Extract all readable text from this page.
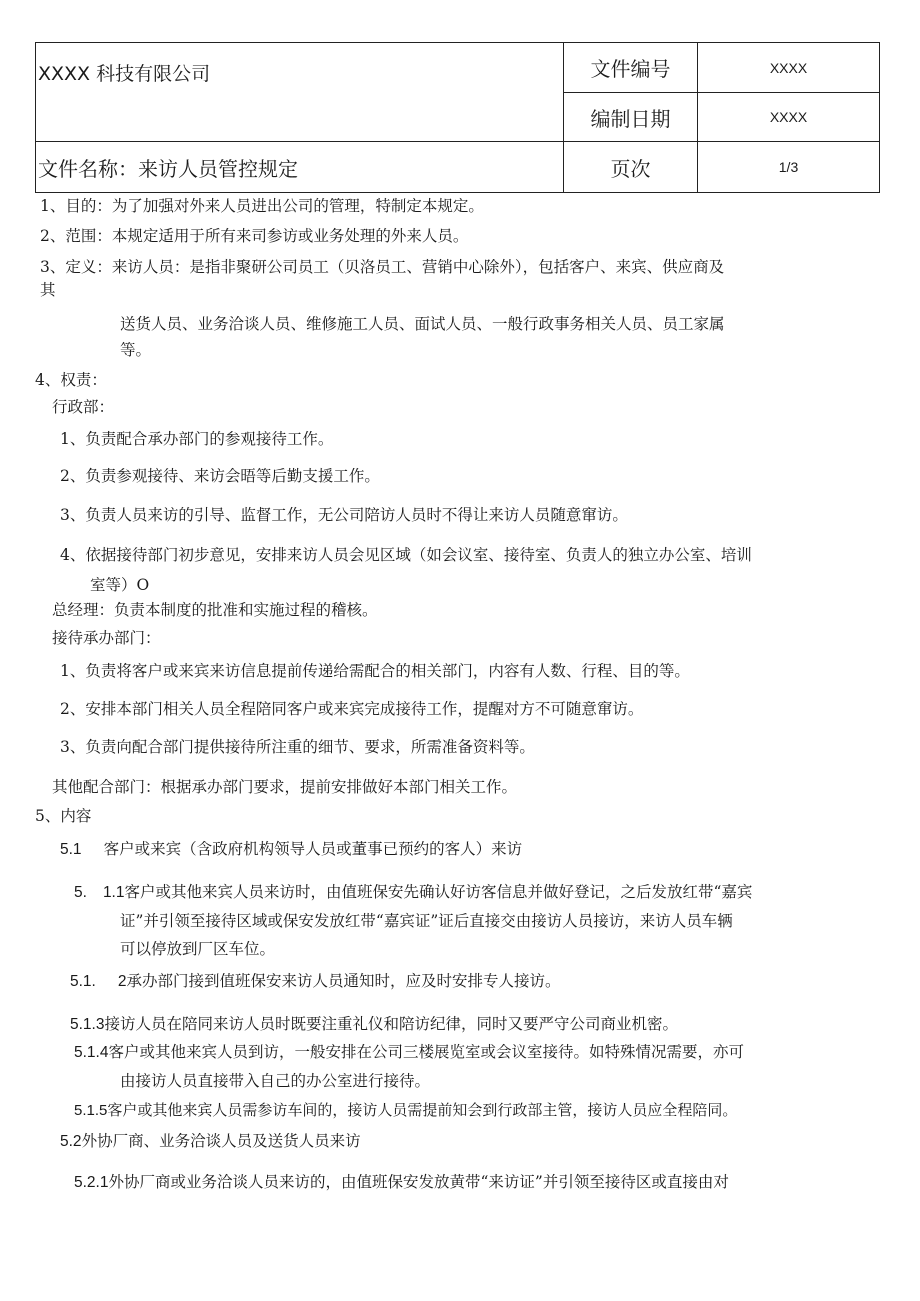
XXXX 科技有限公司	文件编号	XXXX
	编制日期	XXXX
文件名称：来访人员管控规定	页次	1/3
1、目的：为了加强对外来人员进出公司的管理，特制定本规定。
2、范围：本规定适用于所有来司参访或业务处理的外来人员。
3、定义：来访人员：是指非聚研公司员工（贝洛员工、营销中心除外），包括客户、来宾、供应商及
其
送货人员、业务洽谈人员、维修施工人员、面试人员、一般行政事务相关人员、员工家属
等。
4、权责：
行政部：
1、负责配合承办部门的参观接待工作。
2、负责参观接待、来访会晤等后勤支援工作。
3、负责人员来访的引导、监督工作，无公司陪访人员时不得让来访人员随意窜访。
4、依据接待部门初步意见，安排来访人员会见区域（如会议室、接待室、负责人的独立办公室、培训
室等）O
总经理：负责本制度的批准和实施过程的稽核。
接待承办部门：
1、负责将客户或来宾来访信息提前传递给需配合的相关部门，内容有人数、行程、目的等。
2、安排本部门相关人员全程陪同客户或来宾完成接待工作，提醒对方不可随意窜访。
3、负责向配合部门提供接待所注重的细节、要求，所需准备资料等。
其他配合部门：根据承办部门要求，提前安排做好本部门相关工作。
5、内容
5.1 客户或来宾（含政府机构领导人员或董事已预约的客人）来访
5. 1.1客户或其他来宾人员来访时，由值班保安先确认好访客信息并做好登记，之后发放红带“嘉宾
证”并引领至接待区域或保安发放红带“嘉宾证”证后直接交由接访人员接访，来访人员车辆
可以停放到厂区车位。
5.1. 2承办部门接到值班保安来访人员通知时，应及时安排专人接访。
5.1.3接访人员在陪同来访人员时既要注重礼仪和陪访纪律，同时又要严守公司商业机密。
5.1.4客户或其他来宾人员到访，一般安排在公司三楼展览室或会议室接待。如特殊情况需要，亦可
由接访人员直接带入自己的办公室进行接待。
5.1.5客户或其他来宾人员需参访车间的，接访人员需提前知会到行政部主管，接访人员应全程陪同。
5.2外协厂商、业务洽谈人员及送货人员来访
5.2.1外协厂商或业务洽谈人员来访的，由值班保安发放黄带“来访证”并引领至接待区或直接由对
